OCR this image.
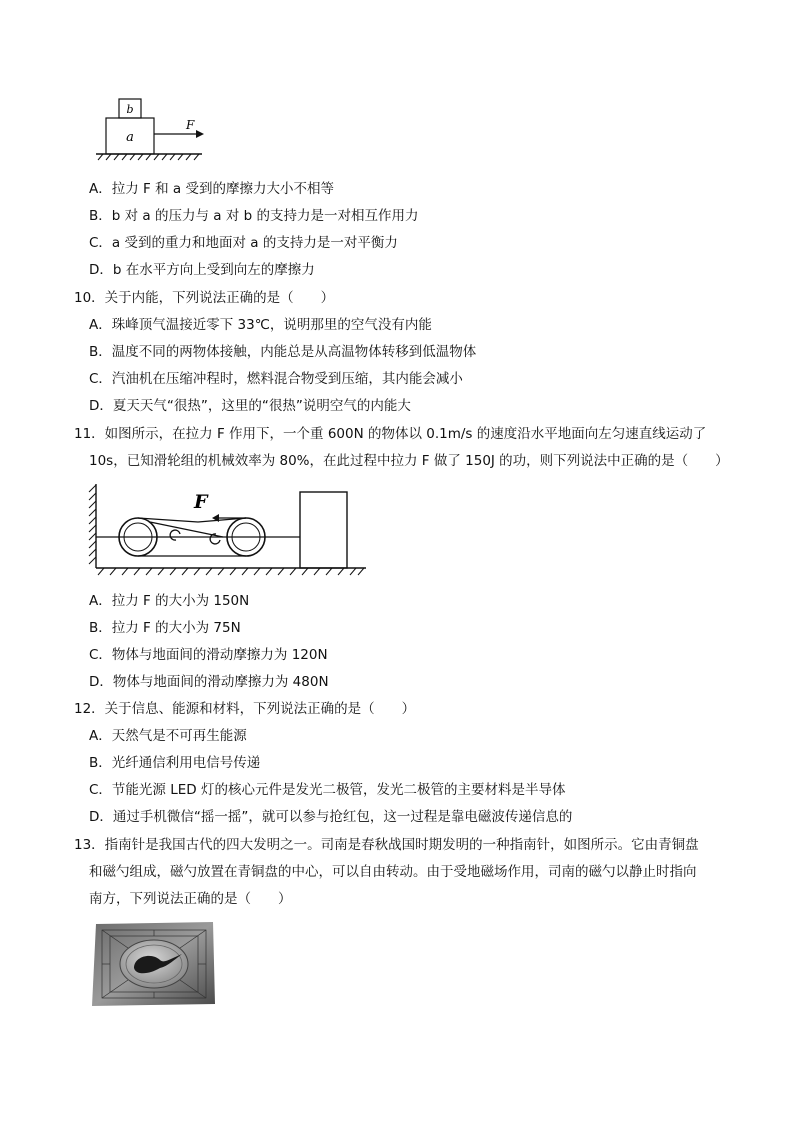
b
a
F
A．拉力 F 和 a 受到的摩擦力大小不相等
B．b 对 a 的压力与 a 对 b 的支持力是一对相互作用力
C．a 受到的重力和地面对 a 的支持力是一对平衡力
D．b 在水平方向上受到向左的摩擦力
10．关于内能，下列说法正确的是（　　）
A．珠峰顶气温接近零下 33℃，说明那里的空气没有内能
B．温度不同的两物体接触，内能总是从高温物体转移到低温物体
C．汽油机在压缩冲程时，燃料混合物受到压缩，其内能会减小
D．夏天天气“很热”，这里的“很热”说明空气的内能大
11．如图所示，在拉力 F 作用下，一个重 600N 的物体以 0.1m/s 的速度沿水平地面向左匀速直线运动了
10s，已知滑轮组的机械效率为 80%，在此过程中拉力 F 做了 150J 的功，则下列说法中正确的是（　　）
F
A．拉力 F 的大小为 150N
B．拉力 F 的大小为 75N
C．物体与地面间的滑动摩擦力为 120N
D．物体与地面间的滑动摩擦力为 480N
12．关于信息、能源和材料，下列说法正确的是（　　）
A．天然气是不可再生能源
B．光纤通信利用电信号传递
C．节能光源 LED 灯的核心元件是发光二极管，发光二极管的主要材料是半导体
D．通过手机微信“摇一摇”，就可以参与抢红包，这一过程是靠电磁波传递信息的
13．指南针是我国古代的四大发明之一。司南是春秋战国时期发明的一种指南针，如图所示。它由青铜盘
和磁勺组成，磁勺放置在青铜盘的中心，可以自由转动。由于受地磁场作用，司南的磁勺以静止时指向
南方，下列说法正确的是（　　）
